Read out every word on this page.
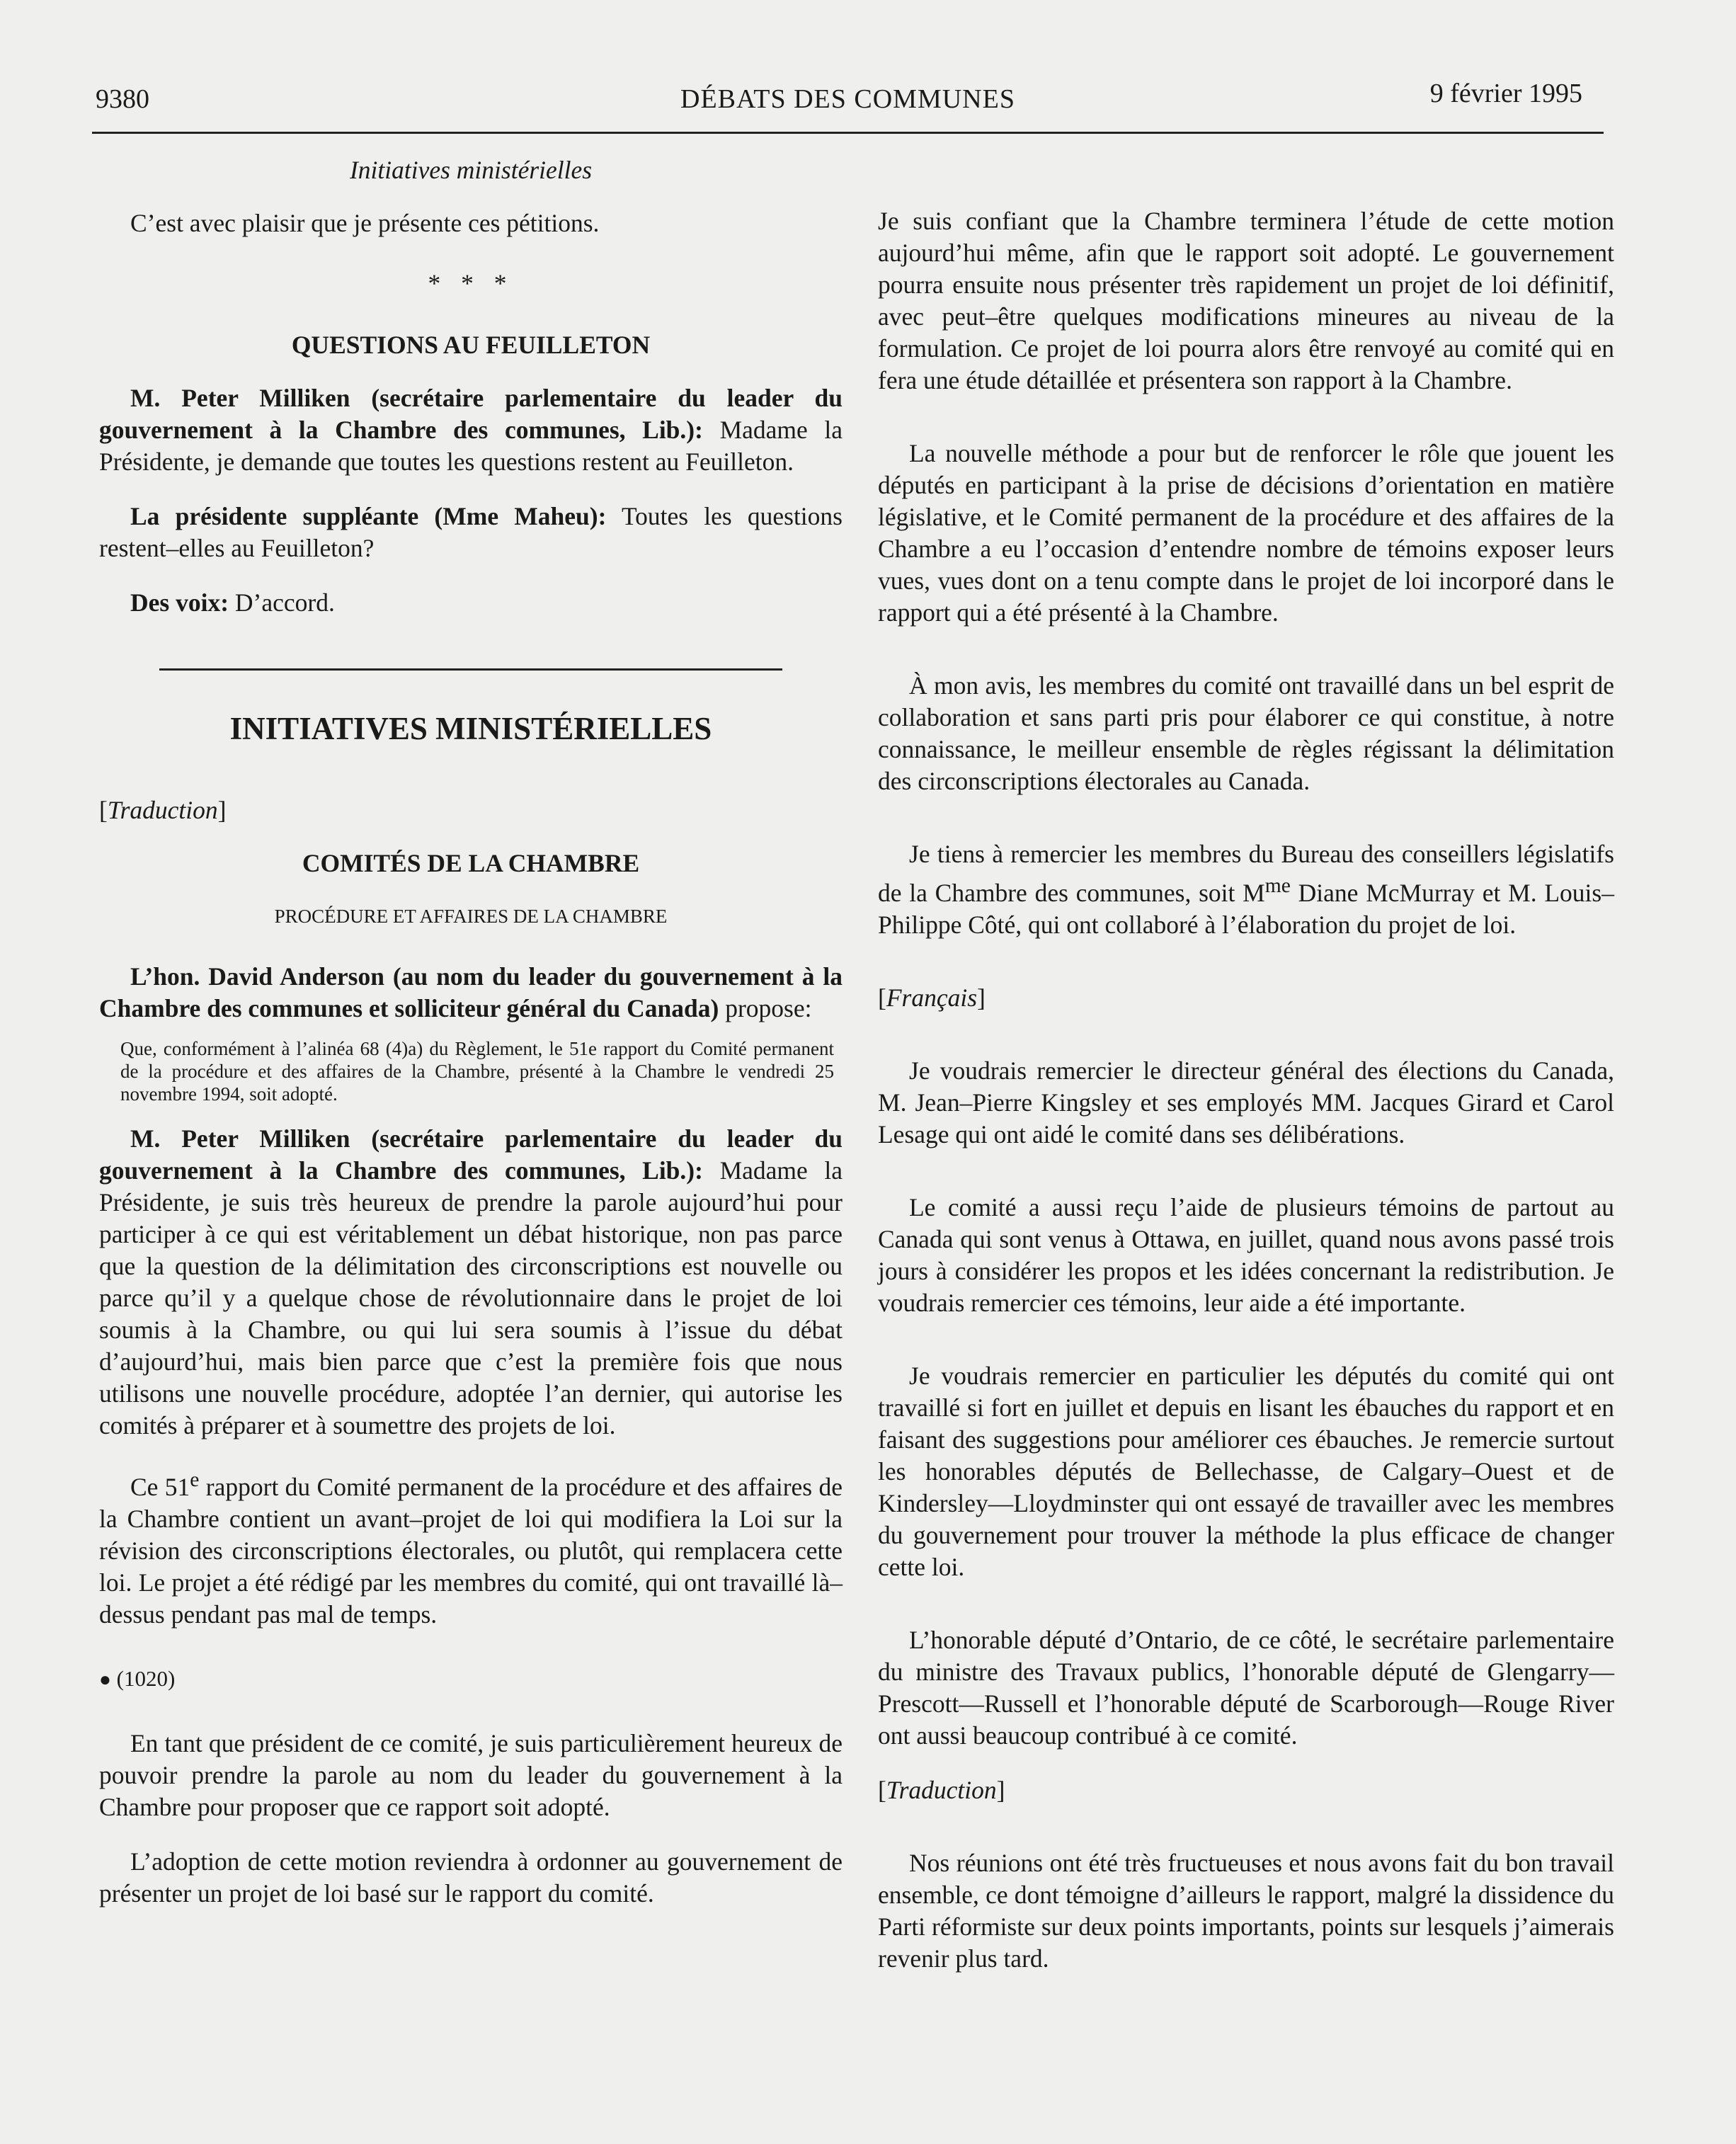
9380	DÉBATS DES COMMUNES	9 février 1995
Initiatives ministérielles

C’est avec plaisir que je présente ces pétitions.

* * *
QUESTIONS AU FEUILLETON

M. Peter Milliken (secrétaire parlementaire du leader du gouvernement à la Chambre des communes, Lib.): Madame la Présidente, je demande que toutes les questions restent au Feuilleton.

La présidente suppléante (Mme Maheu): Toutes les questions restent–elles au Feuilleton?

Des voix: D’accord.

INITIATIVES MINISTÉRIELLES

[Traduction]

COMITÉS DE LA CHAMBRE
PROCÉDURE ET AFFAIRES DE LA CHAMBRE

L’hon. David Anderson (au nom du leader du gouvernement à la Chambre des communes et solliciteur général du Canada) propose:

Que, conformément à l’alinéa 68 (4)a) du Règlement, le 51e rapport du Comité permanent de la procédure et des affaires de la Chambre, présenté à la Chambre le vendredi 25 novembre 1994, soit adopté.

M. Peter Milliken (secrétaire parlementaire du leader du gouvernement à la Chambre des communes, Lib.): Madame la Présidente, je suis très heureux de prendre la parole aujourd’hui pour participer à ce qui est véritablement un débat historique, non pas parce que la question de la délimitation des circonscriptions est nouvelle ou parce qu’il y a quelque chose de révolutionnaire dans le projet de loi soumis à la Chambre, ou qui lui sera soumis à l’issue du débat d’aujourd’hui, mais bien parce que c’est la première fois que nous utilisons une nouvelle procédure, adoptée l’an dernier, qui autorise les comités à préparer et à soumettre des projets de loi.

Ce 51e rapport du Comité permanent de la procédure et des affaires de la Chambre contient un avant–projet de loi qui modifiera la Loi sur la révision des circonscriptions électorales, ou plutôt, qui remplacera cette loi. Le projet a été rédigé par les membres du comité, qui ont travaillé là–dessus pendant pas mal de temps.

● (1020)

En tant que président de ce comité, je suis particulièrement heureux de pouvoir prendre la parole au nom du leader du gouvernement à la Chambre pour proposer que ce rapport soit adopté.

L’adoption de cette motion reviendra à ordonner au gouvernement de présenter un projet de loi basé sur le rapport du comité.

Je suis confiant que la Chambre terminera l’étude de cette motion aujourd’hui même, afin que le rapport soit adopté. Le gouvernement pourra ensuite nous présenter très rapidement un projet de loi définitif, avec peut–être quelques modifications mineures au niveau de la formulation. Ce projet de loi pourra alors être renvoyé au comité qui en fera une étude détaillée et présentera son rapport à la Chambre.

La nouvelle méthode a pour but de renforcer le rôle que jouent les députés en participant à la prise de décisions d’orientation en matière législative, et le Comité permanent de la procédure et des affaires de la Chambre a eu l’occasion d’entendre nombre de témoins exposer leurs vues, vues dont on a tenu compte dans le projet de loi incorporé dans le rapport qui a été présenté à la Chambre.

À mon avis, les membres du comité ont travaillé dans un bel esprit de collaboration et sans parti pris pour élaborer ce qui constitue, à notre connaissance, le meilleur ensemble de règles régissant la délimitation des circonscriptions électorales au Canada.

Je tiens à remercier les membres du Bureau des conseillers législatifs de la Chambre des communes, soit $M^{me}$ Diane McMurray et M. Louis–Philippe Côté, qui ont collaboré à l’élaboration du projet de loi.

[Français]

Je voudrais remercier le directeur général des élections du Canada, M. Jean–Pierre Kingsley et ses employés MM. Jacques Girard et Carol Lesage qui ont aidé le comité dans ses délibérations.

Le comité a aussi reçu l’aide de plusieurs témoins de partout au Canada qui sont venus à Ottawa, en juillet, quand nous avons passé trois jours à considérer les propos et les idées concernant la redistribution. Je voudrais remercier ces témoins, leur aide a été importante.

Je voudrais remercier en particulier les députés du comité qui ont travaillé si fort en juillet et depuis en lisant les ébauches du rapport et en faisant des suggestions pour améliorer ces ébauches. Je remercie surtout les honorables députés de Bellechasse, de Calgary–Ouest et de Kindersley—Lloydminster qui ont essayé de travailler avec les membres du gouvernement pour trouver la méthode la plus efficace de changer cette loi.

L’honorable député d’Ontario, de ce côté, le secrétaire parlementaire du ministre des Travaux publics, l’honorable député de Glengarry—Prescott—Russell et l’honorable député de Scarborough—Rouge River ont aussi beaucoup contribué à ce comité.

[Traduction]

Nos réunions ont été très fructueuses et nous avons fait du bon travail ensemble, ce dont témoigne d’ailleurs le rapport, malgré la dissidence du Parti réformiste sur deux points importants, points sur lesquels j’aimerais revenir plus tard.
